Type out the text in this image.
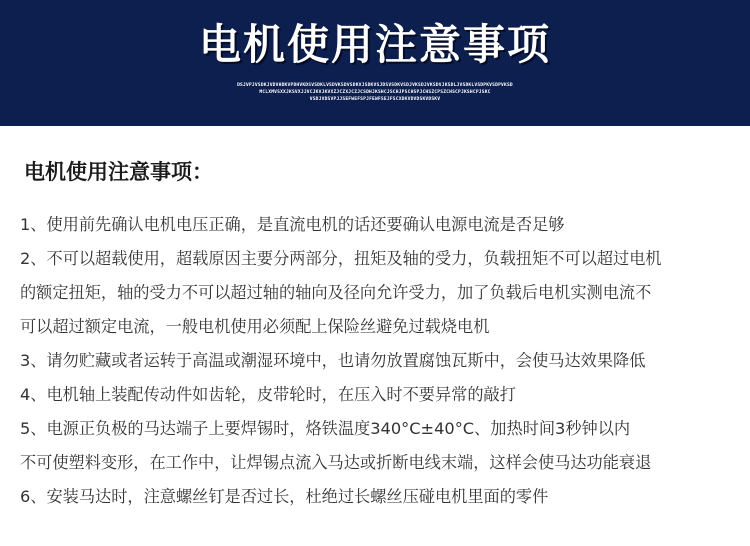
电机使用注意事项
DSJVPJVSDKJVDVHDKVPDHVKDSVSDKLVSDVKSDVSDKVJSDKVSJDSVSDKVSDJVKSDJVKSDVJKSDLJVSDKLVSDPKVSDPVKSD
MCLXMVSXXJKSVXJJVCJKVJKVXZJCZXJCZJCSDHJKSHCJSCHJPSCHSPJCHSZCPSZCHSCPJKSHCPJSKC
VSDJVDSVPJJSEFWEFSPJFEWFSEJFSCXDKVDVDSKVDSKV
电机使用注意事项：
1、使用前先确认电机电压正确，是直流电机的话还要确认电源电流是否足够
2、不可以超载使用，超载原因主要分两部分，扭矩及轴的受力，负载扭矩不可以超过电机
的额定扭矩，轴的受力不可以超过轴的轴向及径向允许受力，加了负载后电机实测电流不
可以超过额定电流，一般电机使用必须配上保险丝避免过载烧电机
3、请勿贮藏或者运转于高温或潮湿环境中，也请勿放置腐蚀瓦斯中，会使马达效果降低
4、电机轴上装配传动件如齿轮，皮带轮时，在压入时不要异常的敲打
5、电源正负极的马达端子上要焊锡时，烙铁温度340°C±40°C、加热时间3秒钟以内
不可使塑料变形，在工作中，让焊锡点流入马达或折断电线末端，这样会使马达功能衰退
6、安装马达时，注意螺丝钉是否过长，杜绝过长螺丝压碰电机里面的零件
